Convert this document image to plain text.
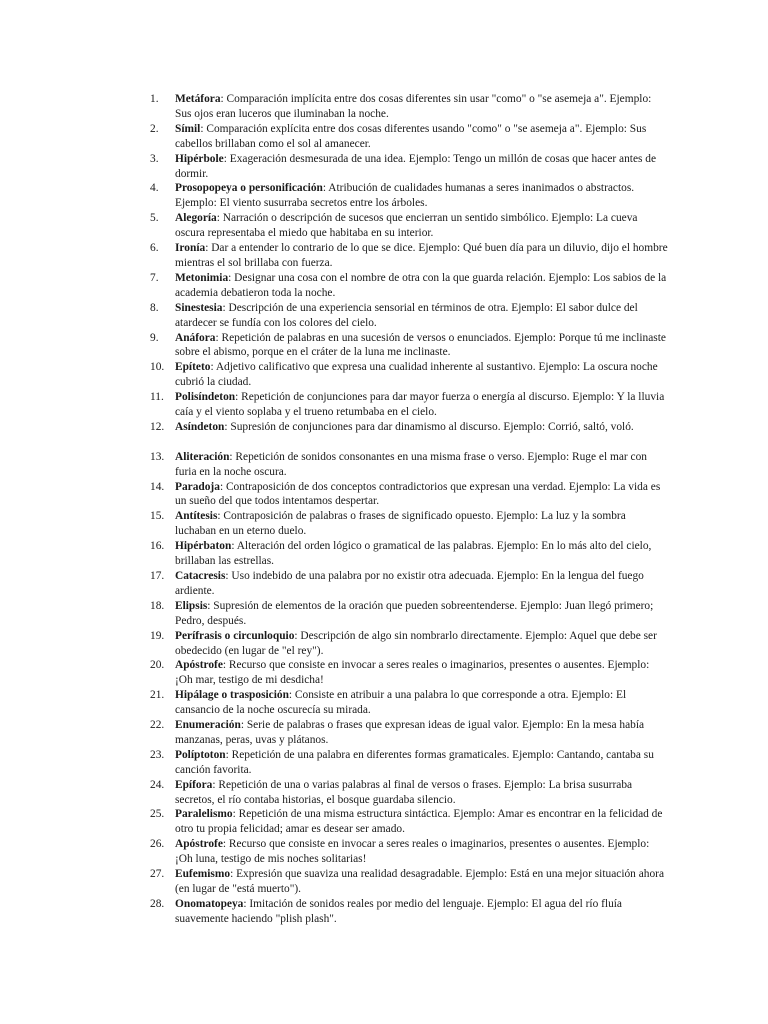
1. Metáfora: Comparación implícita entre dos cosas diferentes sin usar "como" o "se asemeja a". Ejemplo: Sus ojos eran luceros que iluminaban la noche.
2. Símil: Comparación explícita entre dos cosas diferentes usando "como" o "se asemeja a". Ejemplo: Sus cabellos brillaban como el sol al amanecer.
3. Hipérbole: Exageración desmesurada de una idea. Ejemplo: Tengo un millón de cosas que hacer antes de dormir.
4. Prosopopeya o personificación: Atribución de cualidades humanas a seres inanimados o abstractos. Ejemplo: El viento susurraba secretos entre los árboles.
5. Alegoría: Narración o descripción de sucesos que encierran un sentido simbólico. Ejemplo: La cueva oscura representaba el miedo que habitaba en su interior.
6. Ironía: Dar a entender lo contrario de lo que se dice. Ejemplo: Qué buen día para un diluvio, dijo el hombre mientras el sol brillaba con fuerza.
7. Metonimia: Designar una cosa con el nombre de otra con la que guarda relación. Ejemplo: Los sabios de la academia debatieron toda la noche.
8. Sinestesia: Descripción de una experiencia sensorial en términos de otra. Ejemplo: El sabor dulce del atardecer se fundía con los colores del cielo.
9. Anáfora: Repetición de palabras en una sucesión de versos o enunciados. Ejemplo: Porque tú me inclinaste sobre el abismo, porque en el cráter de la luna me inclinaste.
10. Epíteto: Adjetivo calificativo que expresa una cualidad inherente al sustantivo. Ejemplo: La oscura noche cubrió la ciudad.
11. Polisíndeton: Repetición de conjunciones para dar mayor fuerza o energía al discurso. Ejemplo: Y la lluvia caía y el viento soplaba y el trueno retumbaba en el cielo.
12. Asíndeton: Supresión de conjunciones para dar dinamismo al discurso. Ejemplo: Corrió, saltó, voló.
13. Aliteración: Repetición de sonidos consonantes en una misma frase o verso. Ejemplo: Ruge el mar con furia en la noche oscura.
14. Paradoja: Contraposición de dos conceptos contradictorios que expresan una verdad. Ejemplo: La vida es un sueño del que todos intentamos despertar.
15. Antítesis: Contraposición de palabras o frases de significado opuesto. Ejemplo: La luz y la sombra luchaban en un eterno duelo.
16. Hipérbaton: Alteración del orden lógico o gramatical de las palabras. Ejemplo: En lo más alto del cielo, brillaban las estrellas.
17. Catacresis: Uso indebido de una palabra por no existir otra adecuada. Ejemplo: En la lengua del fuego ardiente.
18. Elipsis: Supresión de elementos de la oración que pueden sobreentenderse. Ejemplo: Juan llegó primero; Pedro, después.
19. Perífrasis o circunloquio: Descripción de algo sin nombrarlo directamente. Ejemplo: Aquel que debe ser obedecido (en lugar de "el rey").
20. Apóstrofe: Recurso que consiste en invocar a seres reales o imaginarios, presentes o ausentes. Ejemplo: ¡Oh mar, testigo de mi desdicha!
21. Hipálage o trasposición: Consiste en atribuir a una palabra lo que corresponde a otra. Ejemplo: El cansancio de la noche oscurecía su mirada.
22. Enumeración: Serie de palabras o frases que expresan ideas de igual valor. Ejemplo: En la mesa había manzanas, peras, uvas y plátanos.
23. Políptoton: Repetición de una palabra en diferentes formas gramaticales. Ejemplo: Cantando, cantaba su canción favorita.
24. Epífora: Repetición de una o varias palabras al final de versos o frases. Ejemplo: La brisa susurraba secretos, el río contaba historias, el bosque guardaba silencio.
25. Paralelismo: Repetición de una misma estructura sintáctica. Ejemplo: Amar es encontrar en la felicidad de otro tu propia felicidad; amar es desear ser amado.
26. Apóstrofe: Recurso que consiste en invocar a seres reales o imaginarios, presentes o ausentes. Ejemplo: ¡Oh luna, testigo de mis noches solitarias!
27. Eufemismo: Expresión que suaviza una realidad desagradable. Ejemplo: Está en una mejor situación ahora (en lugar de "está muerto").
28. Onomatopeya: Imitación de sonidos reales por medio del lenguaje. Ejemplo: El agua del río fluía suavemente haciendo "plish plash".
